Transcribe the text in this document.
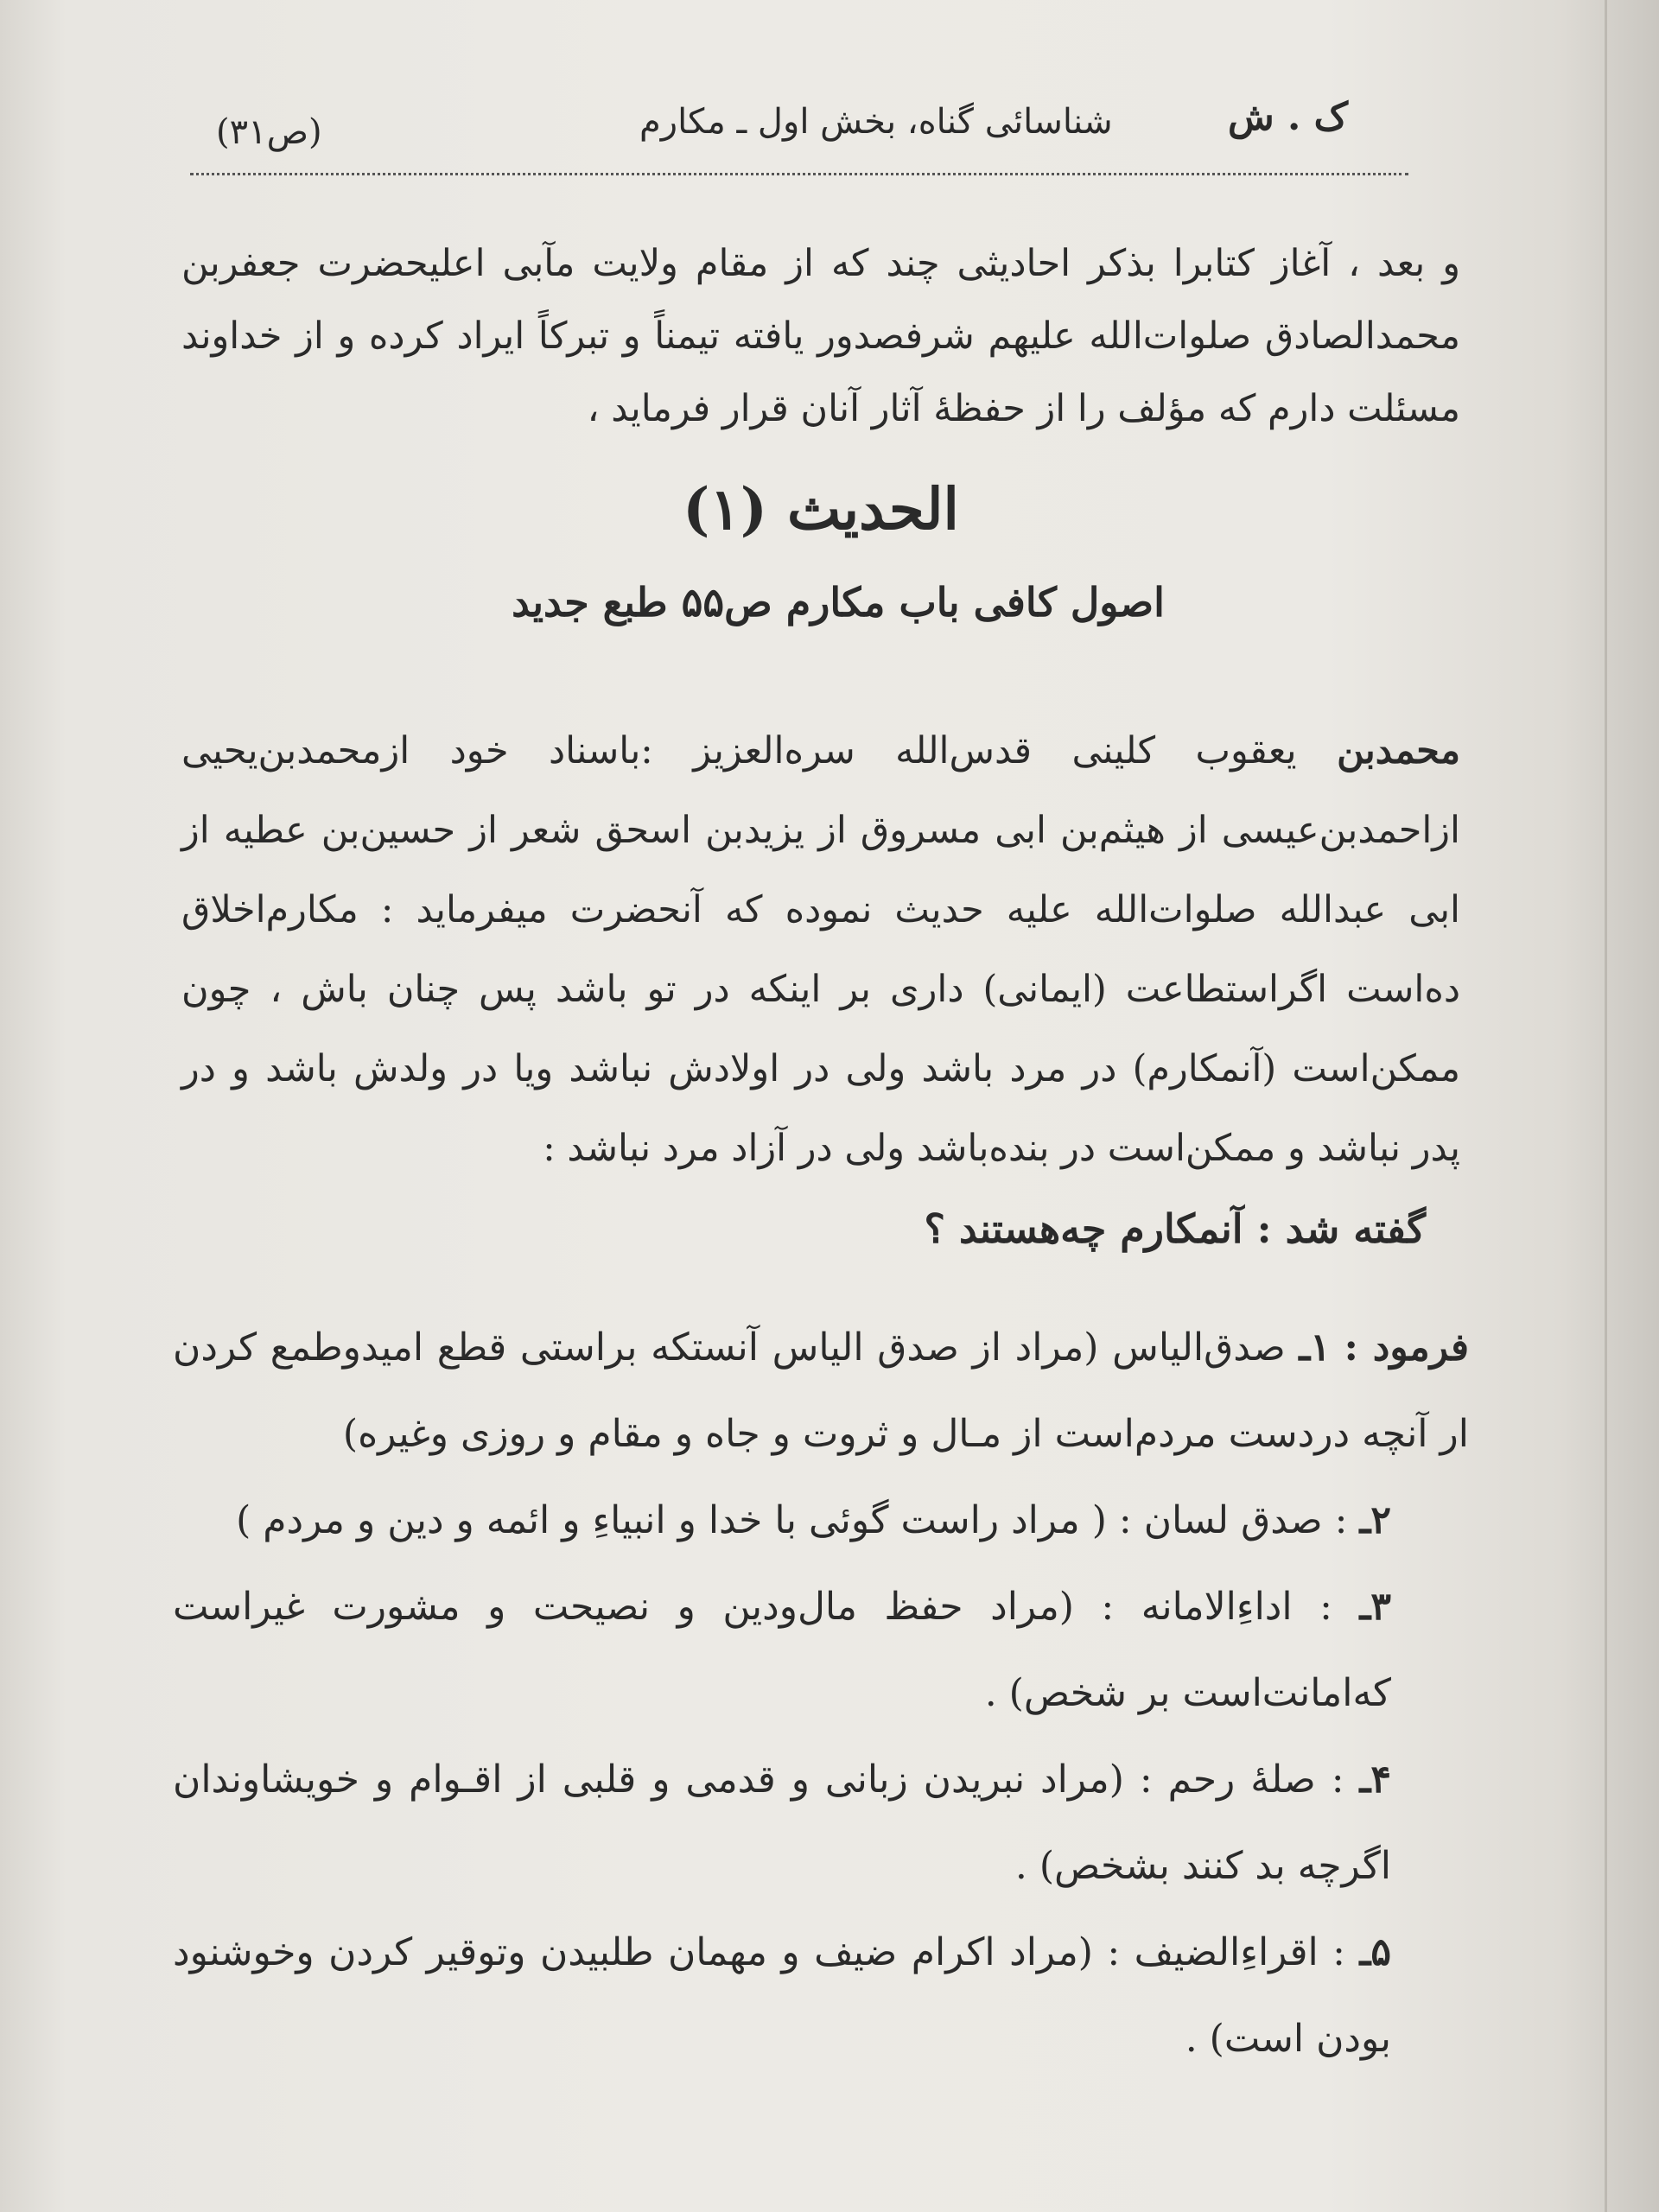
(ص۳۱)	شناسائی گناه، بخش اول ـ مکارم	ک . ش

و بعد ، آغاز کتابرا بذکر احادیثی چند که از مقام ولایت مآبی اعلیحضرت جعفربن محمدالصادق صلوات‌الله علیهم شرفصدور یافته تیمناً و تبرکاً ایراد کرده و از خداوند مسئلت دارم که مؤلف را از حفظهٔ آثار آنان قرار فرماید ،

الحدیث (۱)
اصول کافی باب مکارم ص۵۵ طبع جدید

محمدبن یعقوب کلینی قدس‌الله سره‌العزیز :باسناد خود ازمحمدبن‌یحیی ازاحمد‌بن‌عیسی از هیثم‌بن ابی مسروق از یزیدبن اسحق شعر از حسین‌بن عطیه از ابی عبدالله صلوات‌الله علیه حدیث نموده که آنحضرت میفرماید : مکارم‌اخلاق ده‌است اگراستطاعت (ایمانی) داری بر اینکه در تو باشد پس چنان باش ، چون ممکن‌است (آنمکارم) در مرد باشد ولی در اولادش نباشد ویا در ولدش باشد و در پدر نباشد و ممکن‌است در بنده‌باشد ولی در آزاد مرد نباشد :

گفته شد : آنمکارم چه‌هستند ؟

فرمود : ۱ـ صدق‌الیاس (مراد از صدق الیاس آنستکه براستی قطع امیدوطمع کردن ار آنچه دردست مردم‌است از مـال و ثروت و جاه و مقام و روزی وغیره)

۲ـ : صدق لسان : ( مراد راست گوئی با خدا و انبیاءِ و ائمه و دین و مردم )

۳ـ : اداءِالامانه : (مراد حفظ مال‌ودین و نصیحت و مشورت غیراست که‌امانت‌است بر شخص) .

۴ـ : صلهٔ رحم : (مراد نبریدن زبانی و قدمی و قلبی از اقـوام و خویشاوندان اگرچه بد کنند بشخص) .

۵ـ : اقراءِالضیف : (مراد اکرام ضیف و مهمان طلبیدن وتوقیر کردن وخوشنود بودن است) .
